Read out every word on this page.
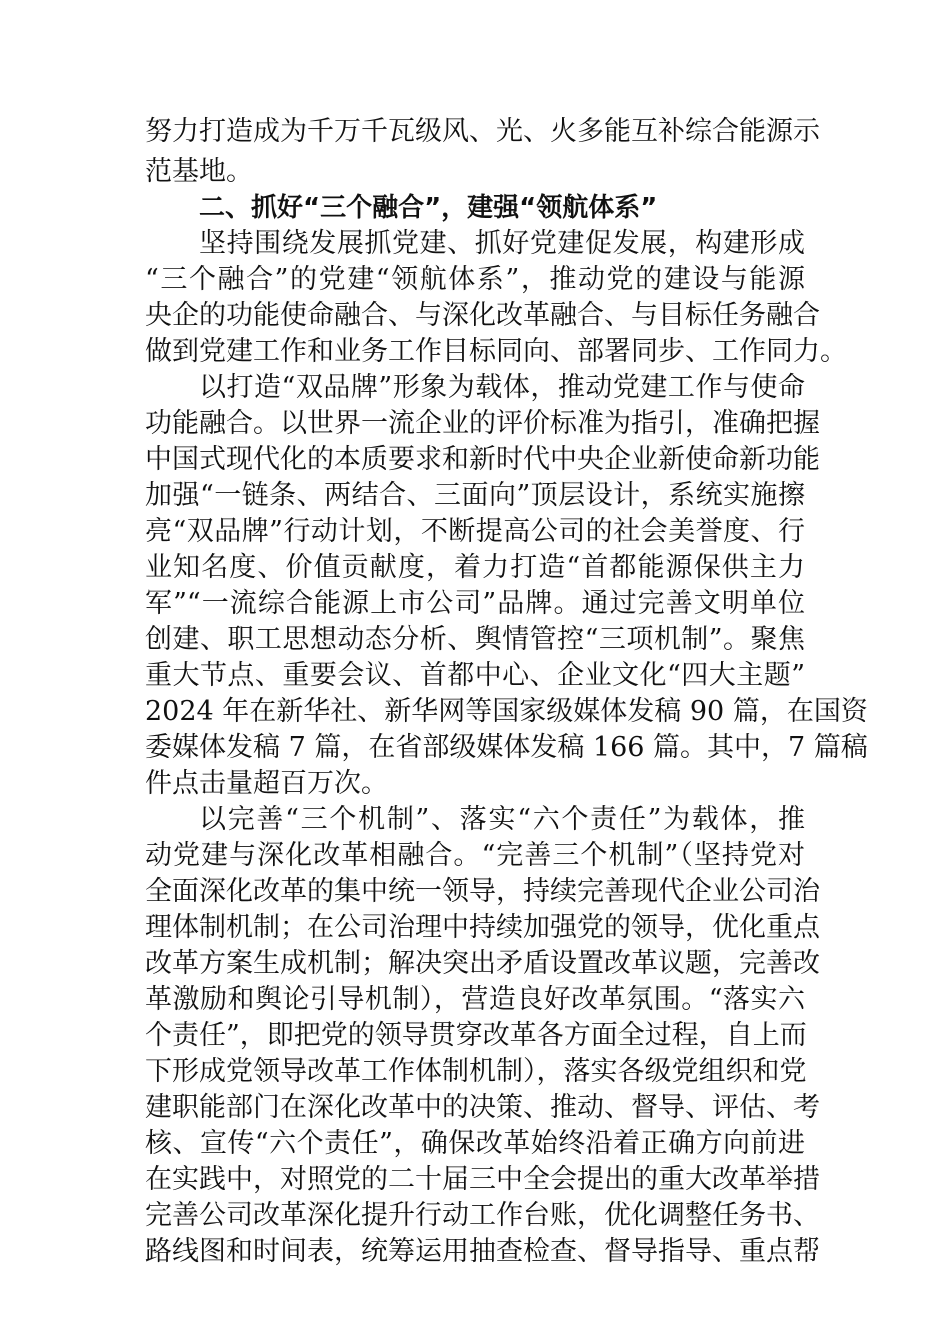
努力打造成为千万千瓦级风、光、火多能互补综合能源示
范基地。
二、抓好“三个融合”，建强“领航体系”
坚持围绕发展抓党建、抓好党建促发展，构建形成
“三个融合”的党建“领航体系”，推动党的建设与能源
央企的功能使命融合、与深化改革融合、与目标任务融合
做到党建工作和业务工作目标同向、部署同步、工作同力。
以打造“双品牌”形象为载体，推动党建工作与使命
功能融合。以世界一流企业的评价标准为指引，准确把握
中国式现代化的本质要求和新时代中央企业新使命新功能
加强“一链条、两结合、三面向”顶层设计，系统实施擦
亮“双品牌”行动计划，不断提高公司的社会美誉度、行
业知名度、价值贡献度，着力打造“首都能源保供主力
军”“一流综合能源上市公司”品牌。通过完善文明单位
创建、职工思想动态分析、舆情管控“三项机制”。聚焦
重大节点、重要会议、首都中心、企业文化“四大主题”
2024 年在新华社、新华网等国家级媒体发稿 90 篇，在国资
委媒体发稿 7 篇，在省部级媒体发稿 166 篇。其中，7 篇稿
件点击量超百万次。
以完善“三个机制”、落实“六个责任”为载体，推
动党建与深化改革相融合。“完善三个机制”（坚持党对
全面深化改革的集中统一领导，持续完善现代企业公司治
理体制机制；在公司治理中持续加强党的领导，优化重点
改革方案生成机制；解决突出矛盾设置改革议题，完善改
革激励和舆论引导机制），营造良好改革氛围。“落实六
个责任”，即把党的领导贯穿改革各方面全过程，自上而
下形成党领导改革工作体制机制），落实各级党组织和党
建职能部门在深化改革中的决策、推动、督导、评估、考
核、宣传“六个责任”，确保改革始终沿着正确方向前进
在实践中，对照党的二十届三中全会提出的重大改革举措
完善公司改革深化提升行动工作台账，优化调整任务书、
路线图和时间表，统筹运用抽查检查、督导指导、重点帮
